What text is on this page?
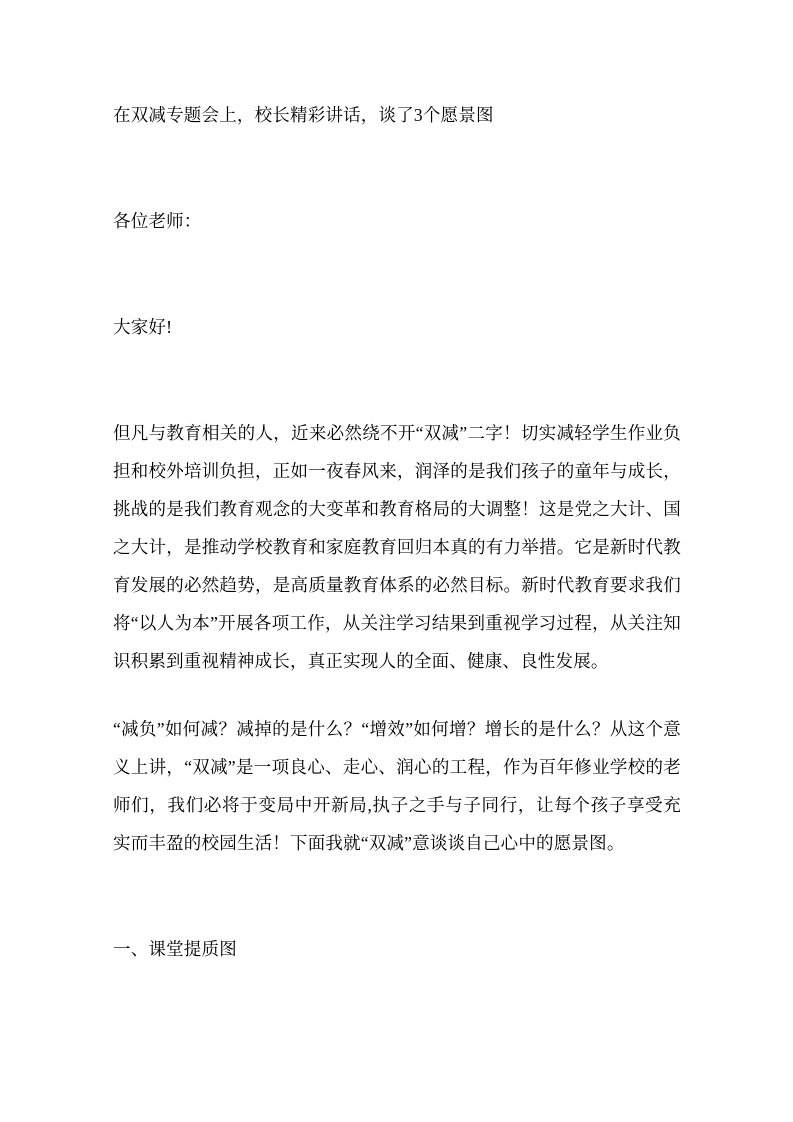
在双减专题会上，校长精彩讲话，谈了3个愿景图

各位老师：

大家好!

但凡与教育相关的人，近来必然绕不开“双减”二字！切实减轻学生作业负担和校外培训负担，正如一夜春风来，润泽的是我们孩子的童年与成长，挑战的是我们教育观念的大变革和教育格局的大调整！这是党之大计、国之大计，是推动学校教育和家庭教育回归本真的有力举措。它是新时代教育发展的必然趋势，是高质量教育体系的必然目标。新时代教育要求我们将“以人为本”开展各项工作，从关注学习结果到重视学习过程，从关注知识积累到重视精神成长，真正实现人的全面、健康、良性发展。

“减负”如何减？减掉的是什么？“增效”如何增？增长的是什么？从这个意义上讲，“双减”是一项良心、走心、润心的工程，作为百年修业学校的老师们，我们必将于变局中开新局,执子之手与子同行，让每个孩子享受充实而丰盈的校园生活！下面我就“双减”意谈谈自己心中的愿景图。

一、课堂提质图
